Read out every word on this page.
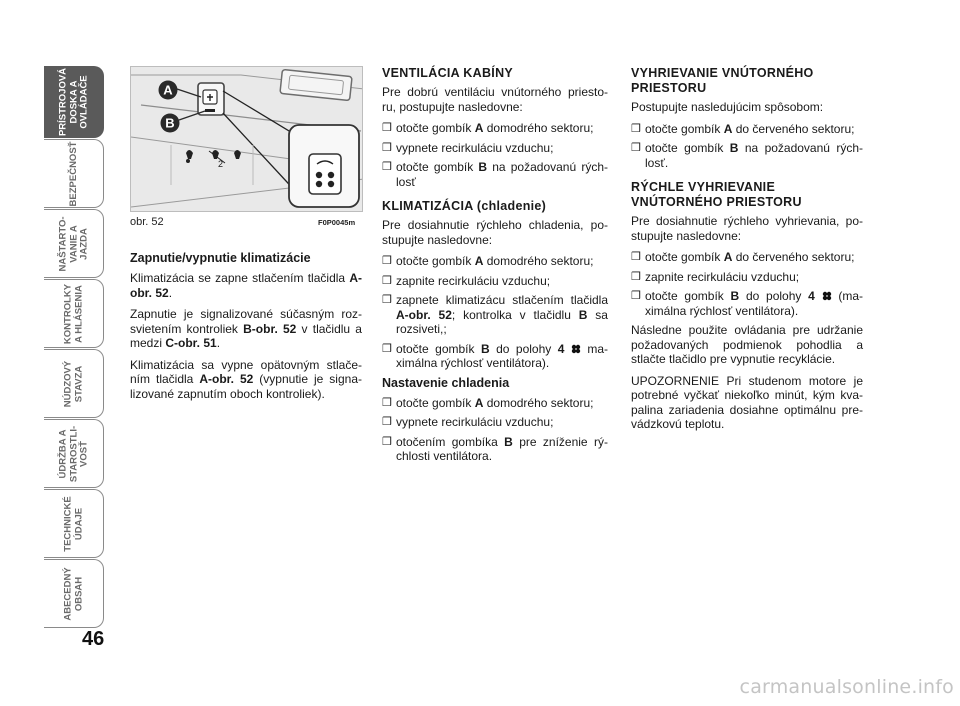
PRÍSTROJOVÁ
DOSKA A
OVLÁDAČE
BEZPEČNOSŤ
NAŠTARTO-
VANIE A
JAZDA
KONTROLKY
A HLÁSENIA
NÚDZOVÝ
STAVZA
ÚDRŽBA A
STAROSTLI-
VOSŤ
TECHNICKÉ
ÚDAJE
ABECEDNÝ
OBSAH
46
2
A
B
obr. 52	F0P0045m
Zapnutie/vypnutie klimatizácie

Klimatizácia se zapne stlačením tlačidla A-obr. 52.

Zapnutie je signalizované súčasným roz-svietením kontroliek B-obr. 52 v tlačidlu a medzi C-obr. 51.

Klimatizácia sa vypne opätovným stlače-ním tlačidla A-obr. 52 (vypnutie je signa-lizované zapnutím oboch kontroliek).

VENTILÁCIA KABÍNY

Pre dobrú ventiláciu vnútorného priesto-ru, postupujte nasledovne:

❒ otočte gombík A domodrého sektoru;
❒ vypnete recirkuláciu vzduchu;
❒ otočte gombík B na požadovanú rých-losť
KLIMATIZÁCIA (chladenie)

Pre dosiahnutie rýchleho chladenia, po-stupujte nasledovne:

❒ otočte gombík A domodrého sektoru;
❒ zapnite recirkuláciu vzduchu;
❒ zapnete klimatizácu stlačením tlačidla A-obr. 52; kontrolka v tlačidlu B sa rozsiveti,;
❒ otočte gombík B do polohy 4  ma-ximálna rýchlosť ventilátora).
Nastavenie chladenia
❒ otočte gombík A domodrého sektoru;
❒ vypnete recirkuláciu vzduchu;
❒ otočením gombíka B pre zníženie rý-chlosti ventilátora.
VYHRIEVANIE VNÚTORNÉHO PRIESTORU

Postupujte nasledujúcim spôsobom:

❒ otočte gombík A do červeného sektoru;
❒ otočte gombík B na požadovanú rých-losť.
RÝCHLE VYHRIEVANIE VNÚTORNÉHO PRIESTORU

Pre dosiahnutie rýchleho vyhrievania, po-stupujte nasledovne:

❒ otočte gombík A do červeného sektoru;
❒ zapnite recirkuláciu vzduchu;
❒ otočte gombík B do polohy 4  (ma-ximálna rýchlosť ventilátora).

Následne použite ovládania pre udržanie požadovaných podmienok pohodlia a stlačte tlačidlo pre vypnutie recyklácie.

UPOZORNENIE Pri studenom motore je potrebné vyčkať niekoľko minút, kým kva-palina zariadenia dosiahne optimálnu pre-vádzkovú teplotu.

carmanualsonline.info
